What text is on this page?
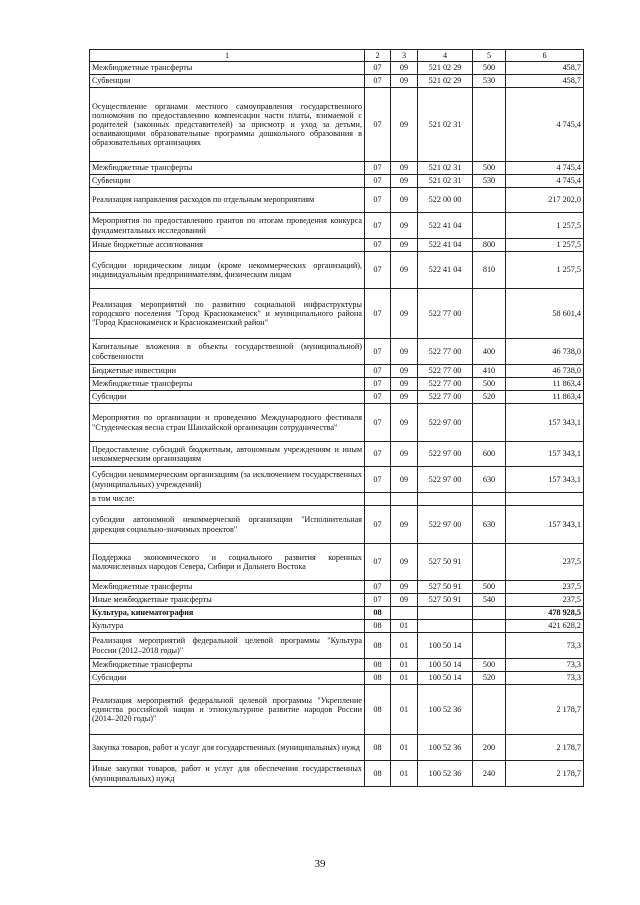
1	2	3	4	5	6
Межбюджетные трансферты	07	09	521 02 29	500	458,7
Субвенции	07	09	521 02 29	530	458,7
Осуществление органами местного самоуправления государственного полномочия по предоставлению компенсации части платы, взимаемой с родителей (законных представителей) за присмотр и уход за детьми, осваивающими образовательные программы дошкольного образования в образовательных организациях	07	09	521 02 31		4 745,4
Межбюджетные трансферты	07	09	521 02 31	500	4 745,4
Субвенции	07	09	521 02 31	530	4 745,4
Реализация направления расходов по отдельным мероприятиям	07	09	522 00 00		217 202,0
Мероприятия по предоставлению грантов по итогам проведения конкурса фундаментальных исследований	07	09	522 41 04		1 257,5
Иные бюджетные ассигнования	07	09	522 41 04	800	1 257,5
Субсидии юридическим лицам (кроме некоммерческих организаций), индивидуальным предпринимателям, физическим лицам	07	09	522 41 04	810	1 257,5
Реализация мероприятий по развитию социальной инфраструктуры городского поселения "Город Краснокаменск" и муниципального района "Город Краснокаменск и Краснокаменский район"	07	09	522 77 00		58 601,4
Капитальные вложения в объекты государственной (муниципальной) собственности	07	09	522 77 00	400	46 738,0
Бюджетные инвестиции	07	09	522 77 00	410	46 738,0
Межбюджетные трансферты	07	09	522 77 00	500	11 863,4
Субсидии	07	09	522 77 00	520	11 863,4
Мероприятия по организации и проведению Международного фестиваля "Студенческая весна стран Шанхайской организации сотрудничества"	07	09	522 97 00		157 343,1
Предоставление субсидий бюджетным, автономным учреждениям и иным некоммерческим организациям	07	09	522 97 00	600	157 343,1
Субсидии некоммерческим организациям (за исключением государственных (муниципальных) учреждений)	07	09	522 97 00	630	157 343,1
в том числе:					
субсидии автономной некоммерческой организации "Исполнительная дирекция социально-значимых проектов"	07	09	522 97 00	630	157 343,1
Поддержка экономического и социального развития коренных малочисленных народов Севера, Сибири и Дальнего Востока	07	09	527 50 91		237,5
Межбюджетные трансферты	07	09	527 50 91	500	237,5
Иные межбюджетные трансферты	07	09	527 50 91	540	237,5
Культура, кинематография	08				478 928,5
Культура	08	01			421 628,2
Реализация мероприятий федеральной целевой программы "Культура России (2012–2018 годы)"	08	01	100 50 14		73,3
Межбюджетные трансферты	08	01	100 50 14	500	73,3
Субсидии	08	01	100 50 14	520	73,3
Реализация мероприятий федеральной целевой программы "Укрепление единства российской нации и этнокультурное развитие народов России (2014–2020 годы)"	08	01	100 52 36		2 178,7
Закупка товаров, работ и услуг для государственных (муниципальных) нужд	08	01	100 52 36	200	2 178,7
Иные закупки товаров, работ и услуг для обеспечения государственных (муниципальных) нужд	08	01	100 52 36	240	2 178,7
39
